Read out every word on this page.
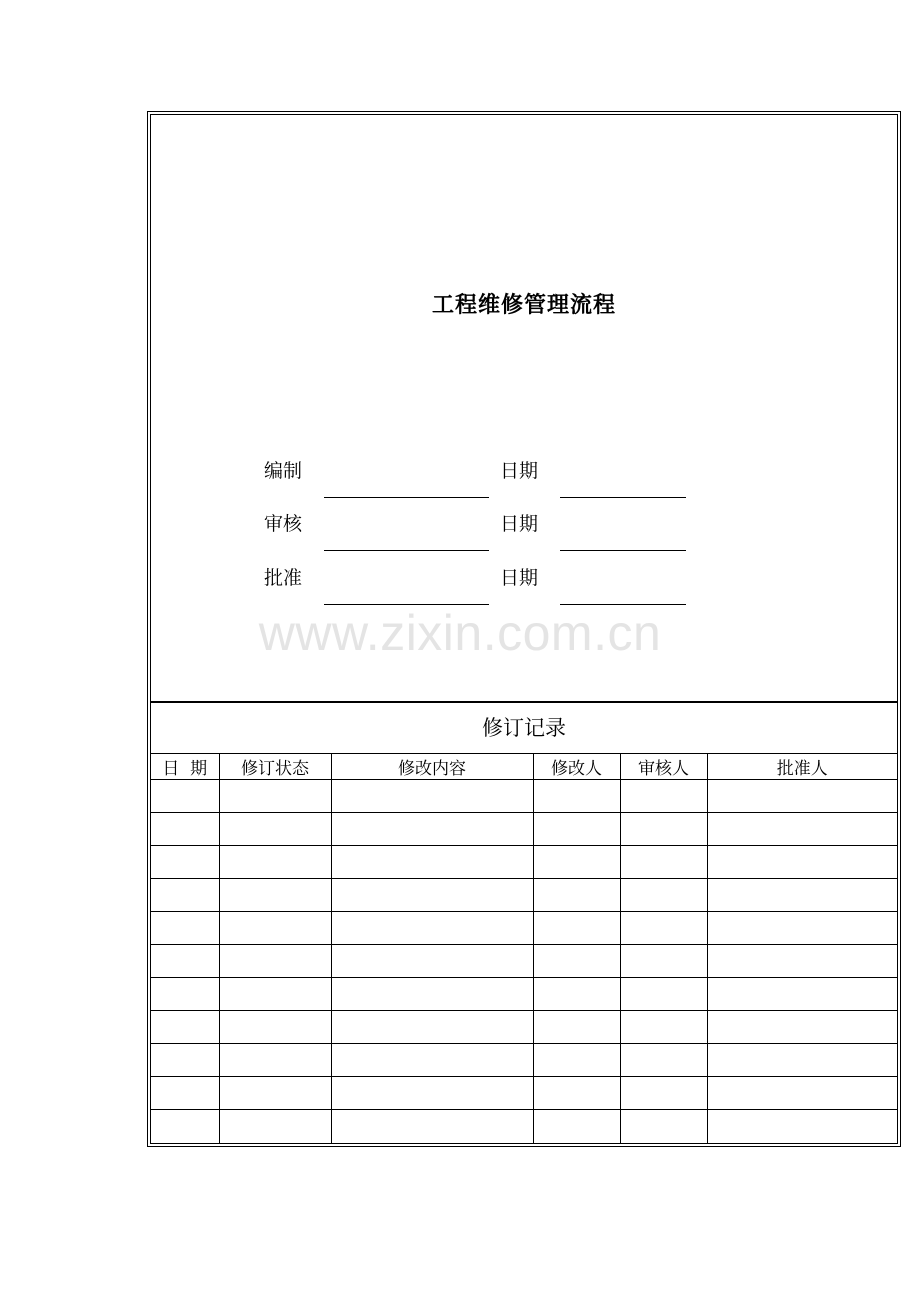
工程维修管理流程
编制	日期
审核	日期
批准	日期
修订记录
日  期	修订状态	修改内容	修改人	审核人	批准人

www.zixin.com.cn
